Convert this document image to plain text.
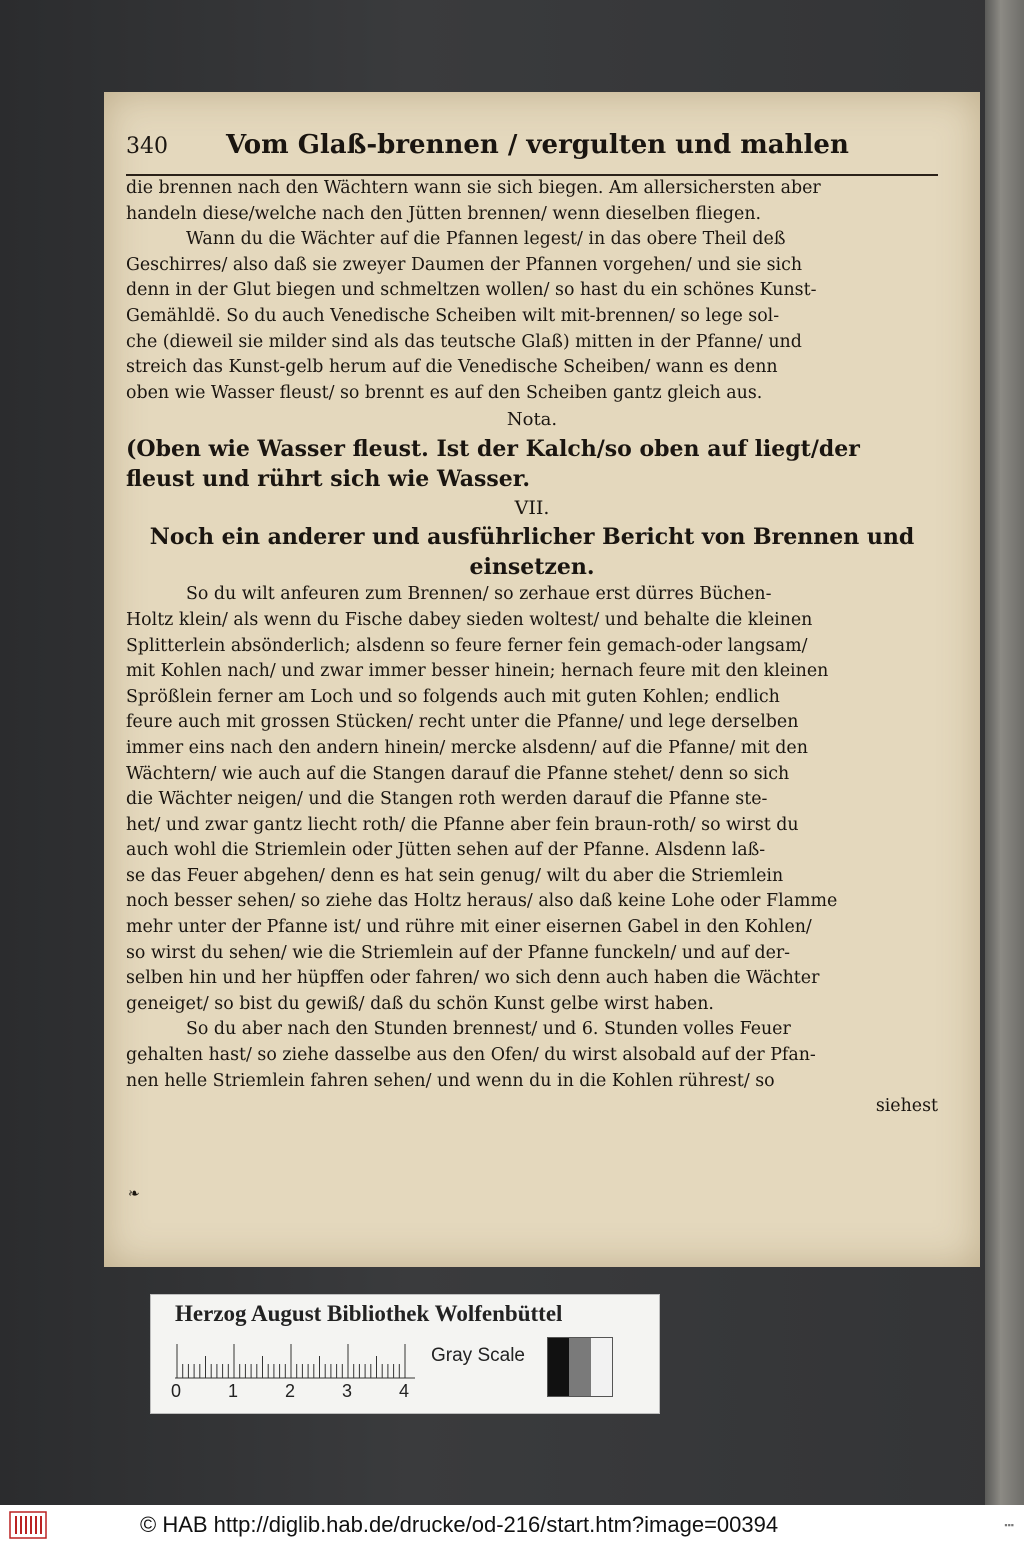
340	Vom Glaß-brennen / vergulten und mahlen
die brennen nach den Wächtern wann sie sich biegen. Am allersichersten aber
handeln diese/welche nach den Jütten brennen/ wenn dieselben fliegen.
Wann du die Wächter auf die Pfannen legest/ in das obere Theil deß
Geschirres/ also daß sie zweyer Daumen der Pfannen vorgehen/ und sie sich
denn in der Glut biegen und schmeltzen wollen/ so hast du ein schönes Kunst-
Gemähldë. So du auch Venedische Scheiben wilt mit-brennen/ so lege sol-
che (dieweil sie milder sind als das teutsche Glaß) mitten in der Pfanne/ und
streich das Kunst-gelb herum auf die Venedische Scheiben/ wann es denn
oben wie Wasser fleust/ so brennt es auf den Scheiben gantz gleich aus.
Nota.
(Oben wie Wasser fleust. Ist der Kalch/so oben auf liegt/der
fleust und rührt sich wie Wasser.
VII.
Noch ein anderer und ausführlicher Bericht von Brennen und
einsetzen.
So du wilt anfeuren zum Brennen/ so zerhaue erst dürres Büchen-
Holtz klein/ als wenn du Fische dabey sieden woltest/ und behalte die kleinen
Splitterlein absönderlich; alsdenn so feure ferner fein gemach-oder langsam/
mit Kohlen nach/ und zwar immer besser hinein; hernach feure mit den kleinen
Sprößlein ferner am Loch und so folgends auch mit guten Kohlen; endlich
feure auch mit grossen Stücken/ recht unter die Pfanne/ und lege derselben
immer eins nach den andern hinein/ mercke alsdenn/ auf die Pfanne/ mit den
Wächtern/ wie auch auf die Stangen darauf die Pfanne stehet/ denn so sich
die Wächter neigen/ und die Stangen roth werden darauf die Pfanne ste-
het/ und zwar gantz liecht roth/ die Pfanne aber fein braun-roth/ so wirst du
auch wohl die Striemlein oder Jütten sehen auf der Pfanne. Alsdenn laß-
se das Feuer abgehen/ denn es hat sein genug/ wilt du aber die Striemlein
noch besser sehen/ so ziehe das Holtz heraus/ also daß keine Lohe oder Flamme
mehr unter der Pfanne ist/ und rühre mit einer eisernen Gabel in den Kohlen/
so wirst du sehen/ wie die Striemlein auf der Pfanne funckeln/ und auf der-
selben hin und her hüpffen oder fahren/ wo sich denn auch haben die Wächter
geneiget/ so bist du gewiß/ daß du schön Kunst gelbe wirst haben.
So du aber nach den Stunden brennest/ und 6. Stunden volles Feuer
gehalten hast/ so ziehe dasselbe aus den Ofen/ du wirst alsobald auf der Pfan-
nen helle Striemlein fahren sehen/ und wenn du in die Kohlen rührest/ so
siehest
❧
Herzog August Bibliothek Wolfenbüttel
0	1	2	3	4
Gray Scale
© HAB http://diglib.hab.de/drucke/od-216/start.htm?image=00394	▪▪▪
